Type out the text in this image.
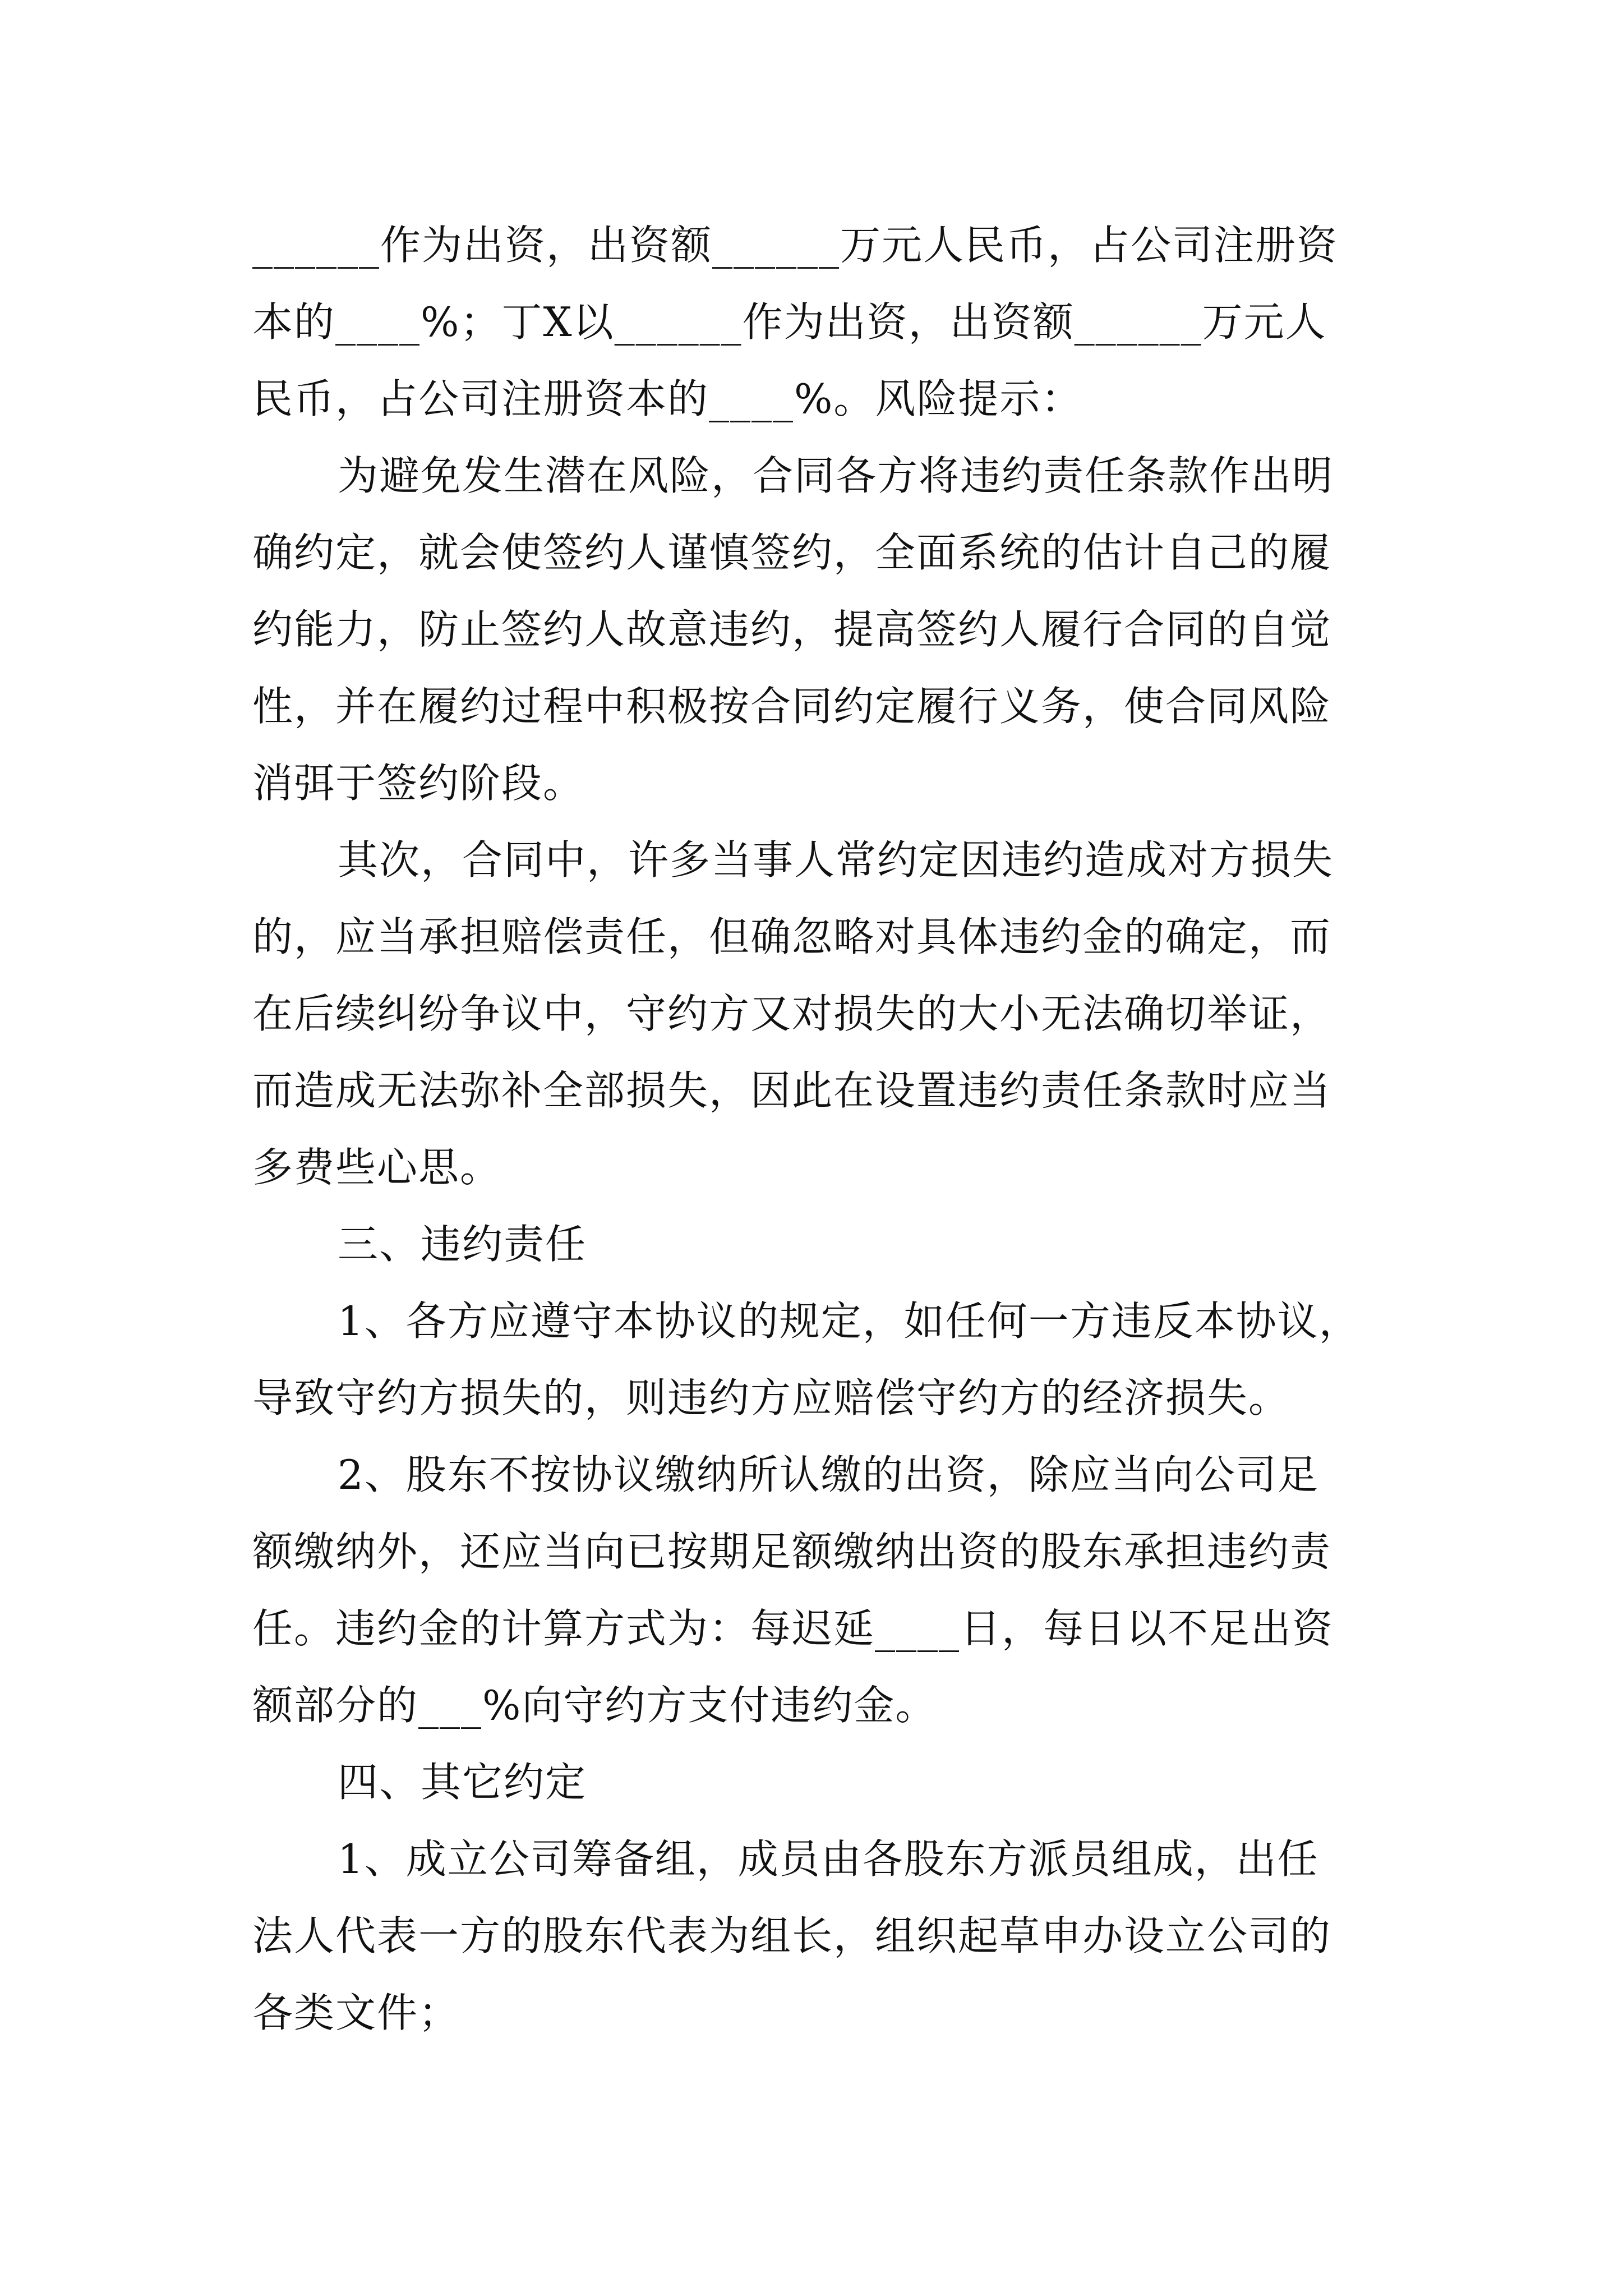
______作为出资，出资额______万元人民币，占公司注册资
本的____%；丁X以______作为出资，出资额______万元人
民币，占公司注册资本的____%。风险提示：
为避免发生潜在风险，合同各方将违约责任条款作出明
确约定，就会使签约人谨慎签约，全面系统的估计自己的履
约能力，防止签约人故意违约，提高签约人履行合同的自觉
性，并在履约过程中积极按合同约定履行义务，使合同风险
消弭于签约阶段。
其次，合同中，许多当事人常约定因违约造成对方损失
的，应当承担赔偿责任，但确忽略对具体违约金的确定，而
在后续纠纷争议中，守约方又对损失的大小无法确切举证，
而造成无法弥补全部损失，因此在设置违约责任条款时应当
多费些心思。
三、违约责任
1、各方应遵守本协议的规定，如任何一方违反本协议，
导致守约方损失的，则违约方应赔偿守约方的经济损失。
2、股东不按协议缴纳所认缴的出资，除应当向公司足
额缴纳外，还应当向已按期足额缴纳出资的股东承担违约责
任。违约金的计算方式为：每迟延____日，每日以不足出资
额部分的___%向守约方支付违约金。
四、其它约定
1、成立公司筹备组，成员由各股东方派员组成，出任
法人代表一方的股东代表为组长，组织起草申办设立公司的
各类文件；
